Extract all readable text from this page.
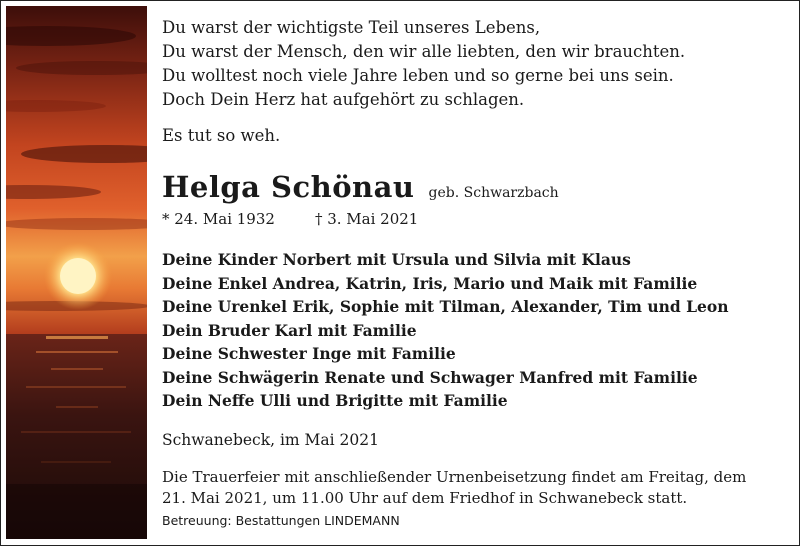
Du warst der wichtigste Teil unseres Lebens,
Du warst der Mensch, den wir alle liebten, den wir brauchten.
Du wolltest noch viele Jahre leben und so gerne bei uns sein.
Doch Dein Herz hat aufgehört zu schlagen.
Es tut so weh.
Helga Schönau geb. Schwarzbach
* 24. Mai 1932	† 3. Mai 2021
Deine Kinder Norbert mit Ursula und Silvia mit Klaus
Deine Enkel Andrea, Katrin, Iris, Mario und Maik mit Familie
Deine Urenkel Erik, Sophie mit Tilman, Alexander, Tim und Leon
Dein Bruder Karl mit Familie
Deine Schwester Inge mit Familie
Deine Schwägerin Renate und Schwager Manfred mit Familie
Dein Neffe Ulli und Brigitte mit Familie
Schwanebeck, im Mai 2021
Die Trauerfeier mit anschließender Urnenbeisetzung findet am Freitag, dem
21. Mai 2021, um 11.00 Uhr auf dem Friedhof in Schwanebeck statt.
Betreuung: Bestattungen LINDEMANN
